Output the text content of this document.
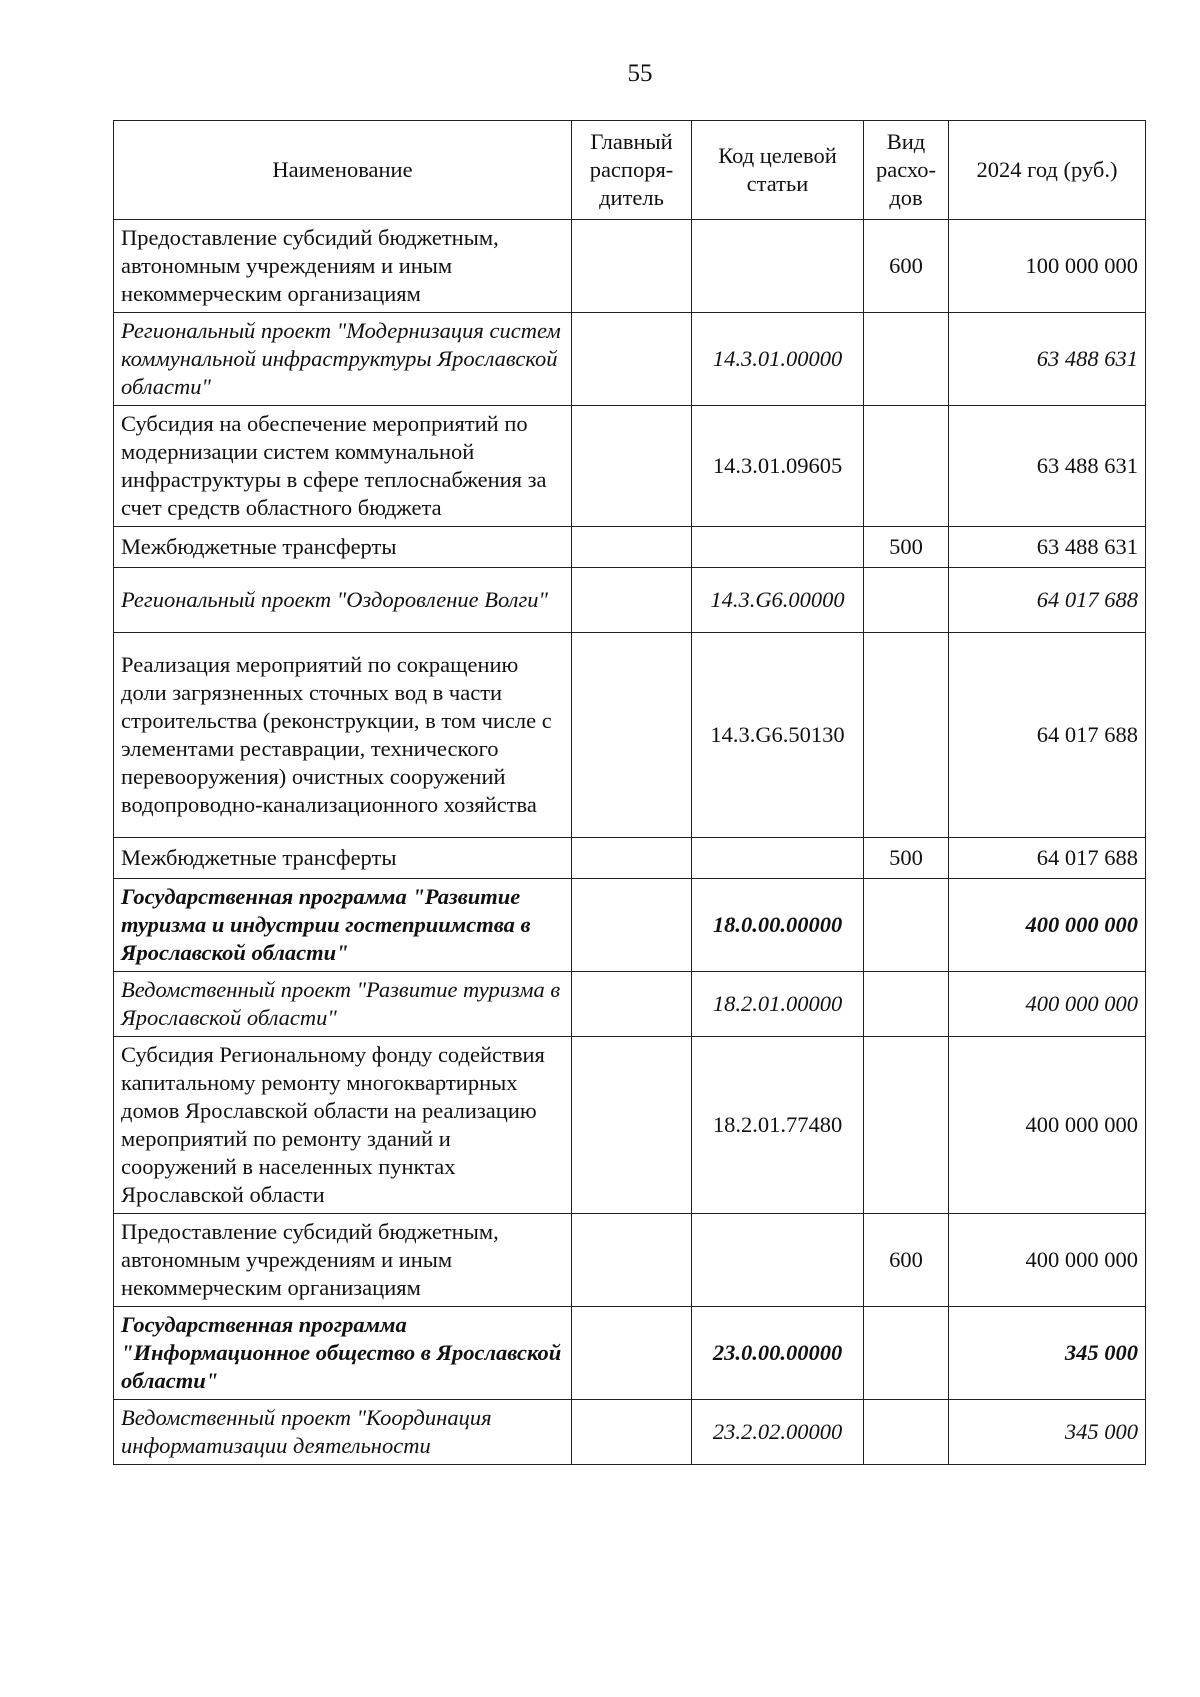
55
Наименование	Главный распоря-дитель	Код целевой статьи	Вид расхо-дов	2024 год (руб.)
Предоставление субсидий бюджетным, автономным учреждениям и иным некоммерческим организациям			600	100 000 000
Региональный проект "Модернизация систем коммунальной инфраструктуры Ярославской области"		14.3.01.00000		63 488 631
Субсидия на обеспечение мероприятий по модернизации систем коммунальной инфраструктуры в сфере теплоснабжения за счет средств областного бюджета		14.3.01.09605		63 488 631
Межбюджетные трансферты			500	63 488 631
Региональный проект "Оздоровление Волги"		14.3.G6.00000		64 017 688
Реализация мероприятий по сокращению доли загрязненных сточных вод в части строительства (реконструкции, в том числе с элементами реставрации, технического перевооружения) очистных сооружений водопроводно-канализационного хозяйства		14.3.G6.50130		64 017 688
Межбюджетные трансферты			500	64 017 688
Государственная программа "Развитие туризма и индустрии гостеприимства в Ярославской области"		18.0.00.00000		400 000 000
Ведомственный проект "Развитие туризма в Ярославской области"		18.2.01.00000		400 000 000
Субсидия Региональному фонду содействия капитальному ремонту многоквартирных домов Ярославской области на реализацию мероприятий по ремонту зданий и сооружений в населенных пунктах Ярославской области		18.2.01.77480		400 000 000
Предоставление субсидий бюджетным, автономным учреждениям и иным некоммерческим организациям			600	400 000 000
Государственная программа "Информационное общество в Ярославской области"		23.0.00.00000		345 000
Ведомственный проект "Координация информатизации деятельности		23.2.02.00000		345 000
